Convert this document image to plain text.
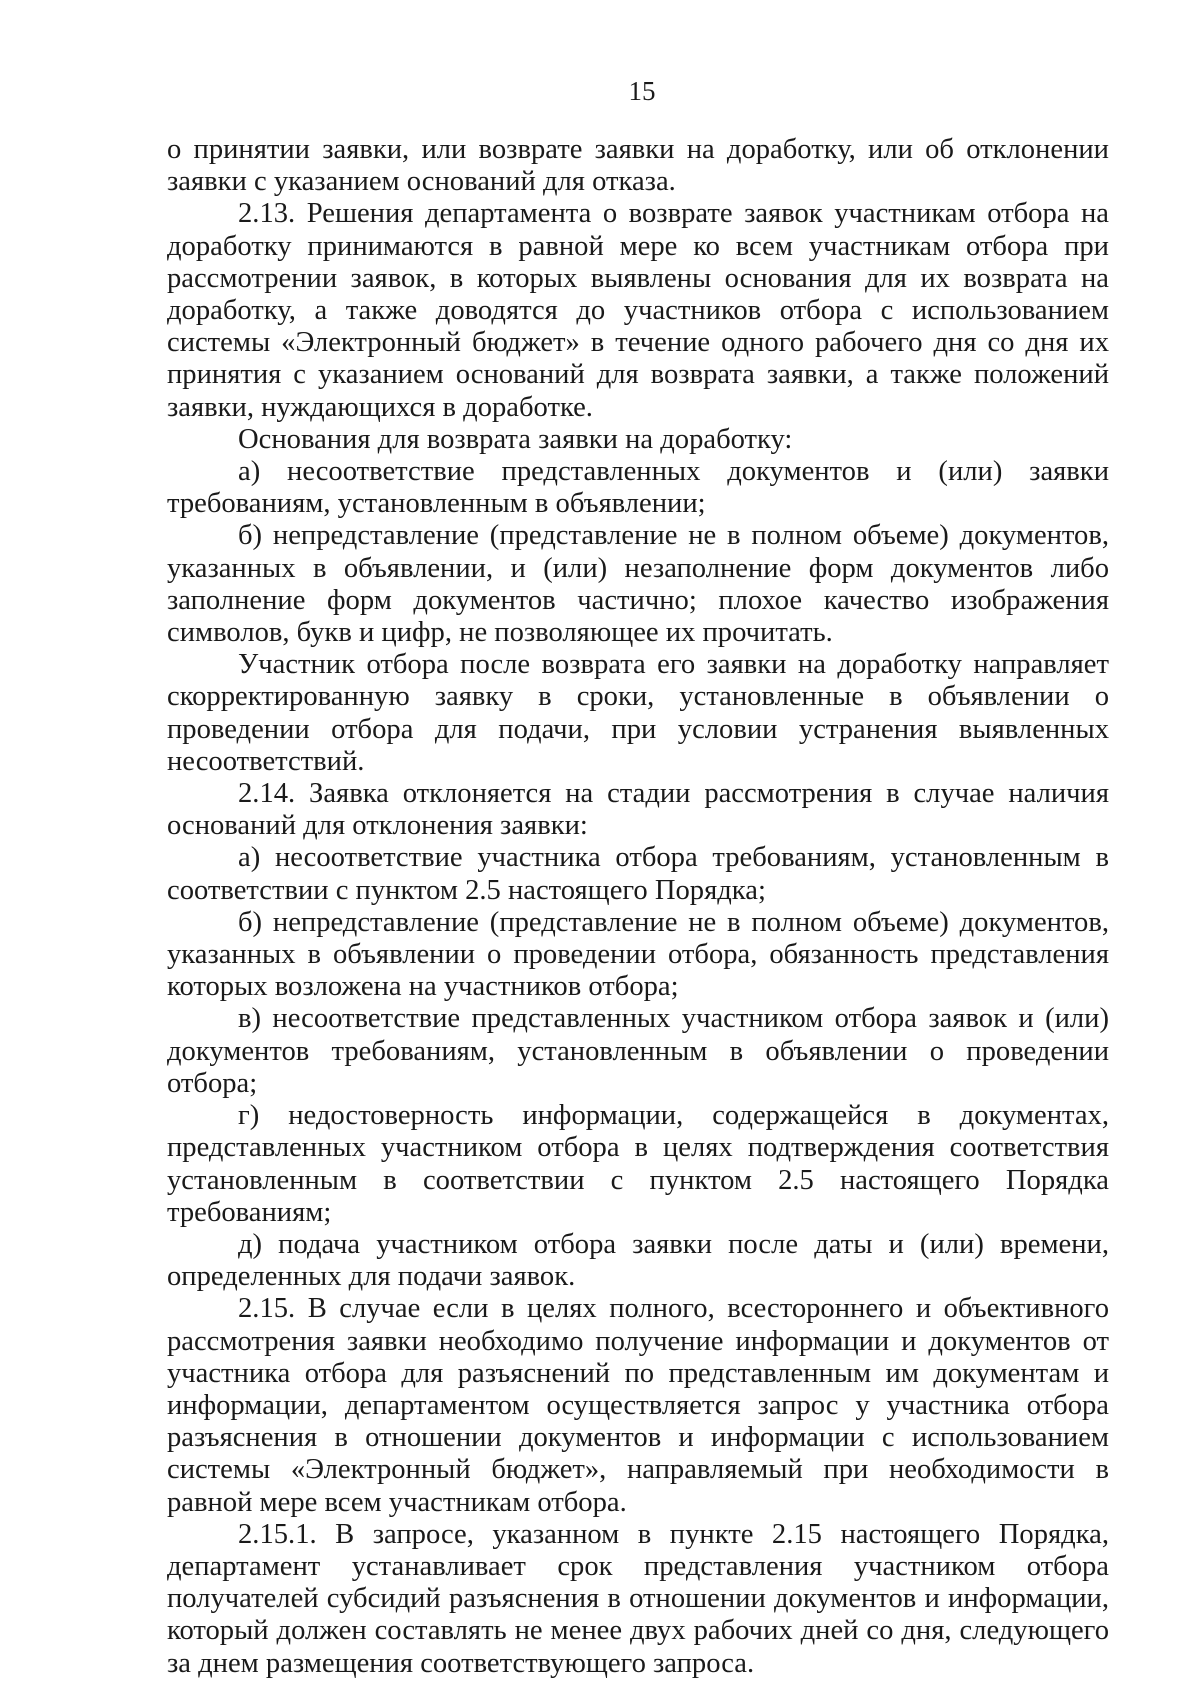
15

о принятии заявки, или возврате заявки на доработку, или об отклонении заявки с указанием оснований для отказа.

2.13. Решения департамента о возврате заявок участникам отбора на доработку принимаются в равной мере ко всем участникам отбора при рассмотрении заявок, в которых выявлены основания для их возврата на доработку, а также доводятся до участников отбора с использованием системы «Электронный бюджет» в течение одного рабочего дня со дня их принятия с указанием оснований для возврата заявки, а также положений заявки, нуждающихся в доработке.

Основания для возврата заявки на доработку:

а) несоответствие представленных документов и (или) заявки требованиям, установленным в объявлении;

б) непредставление (представление не в полном объеме) документов, указанных в объявлении, и (или) незаполнение форм документов либо заполнение форм документов частично; плохое качество изображения символов, букв и цифр, не позволяющее их прочитать.

Участник отбора после возврата его заявки на доработку направляет скорректированную заявку в сроки, установленные в объявлении о проведении отбора для подачи, при условии устранения выявленных несоответствий.

2.14. Заявка отклоняется на стадии рассмотрения в случае наличия оснований для отклонения заявки:

а) несоответствие участника отбора требованиям, установленным в соответствии с пунктом 2.5 настоящего Порядка;

б) непредставление (представление не в полном объеме) документов, указанных в объявлении о проведении отбора, обязанность представления которых возложена на участников отбора;

в) несоответствие представленных участником отбора заявок и (или) документов требованиям, установленным в объявлении о проведении отбора;

г) недостоверность информации, содержащейся в документах, представленных участником отбора в целях подтверждения соответствия установленным в соответствии с пунктом 2.5 настоящего Порядка требованиям;

д) подача участником отбора заявки после даты и (или) времени, определенных для подачи заявок.

2.15. В случае если в целях полного, всестороннего и объективного рассмотрения заявки необходимо получение информации и документов от участника отбора для разъяснений по представленным им документам и информации, департаментом осуществляется запрос у участника отбора разъяснения в отношении документов и информации с использованием системы «Электронный бюджет», направляемый при необходимости в равной мере всем участникам отбора.

2.15.1. В запросе, указанном в пункте 2.15 настоящего Порядка, департамент устанавливает срок представления участником отбора получателей субсидий разъяснения в отношении документов и информации, который должен составлять не менее двух рабочих дней со дня, следующего за днем размещения соответствующего запроса.
